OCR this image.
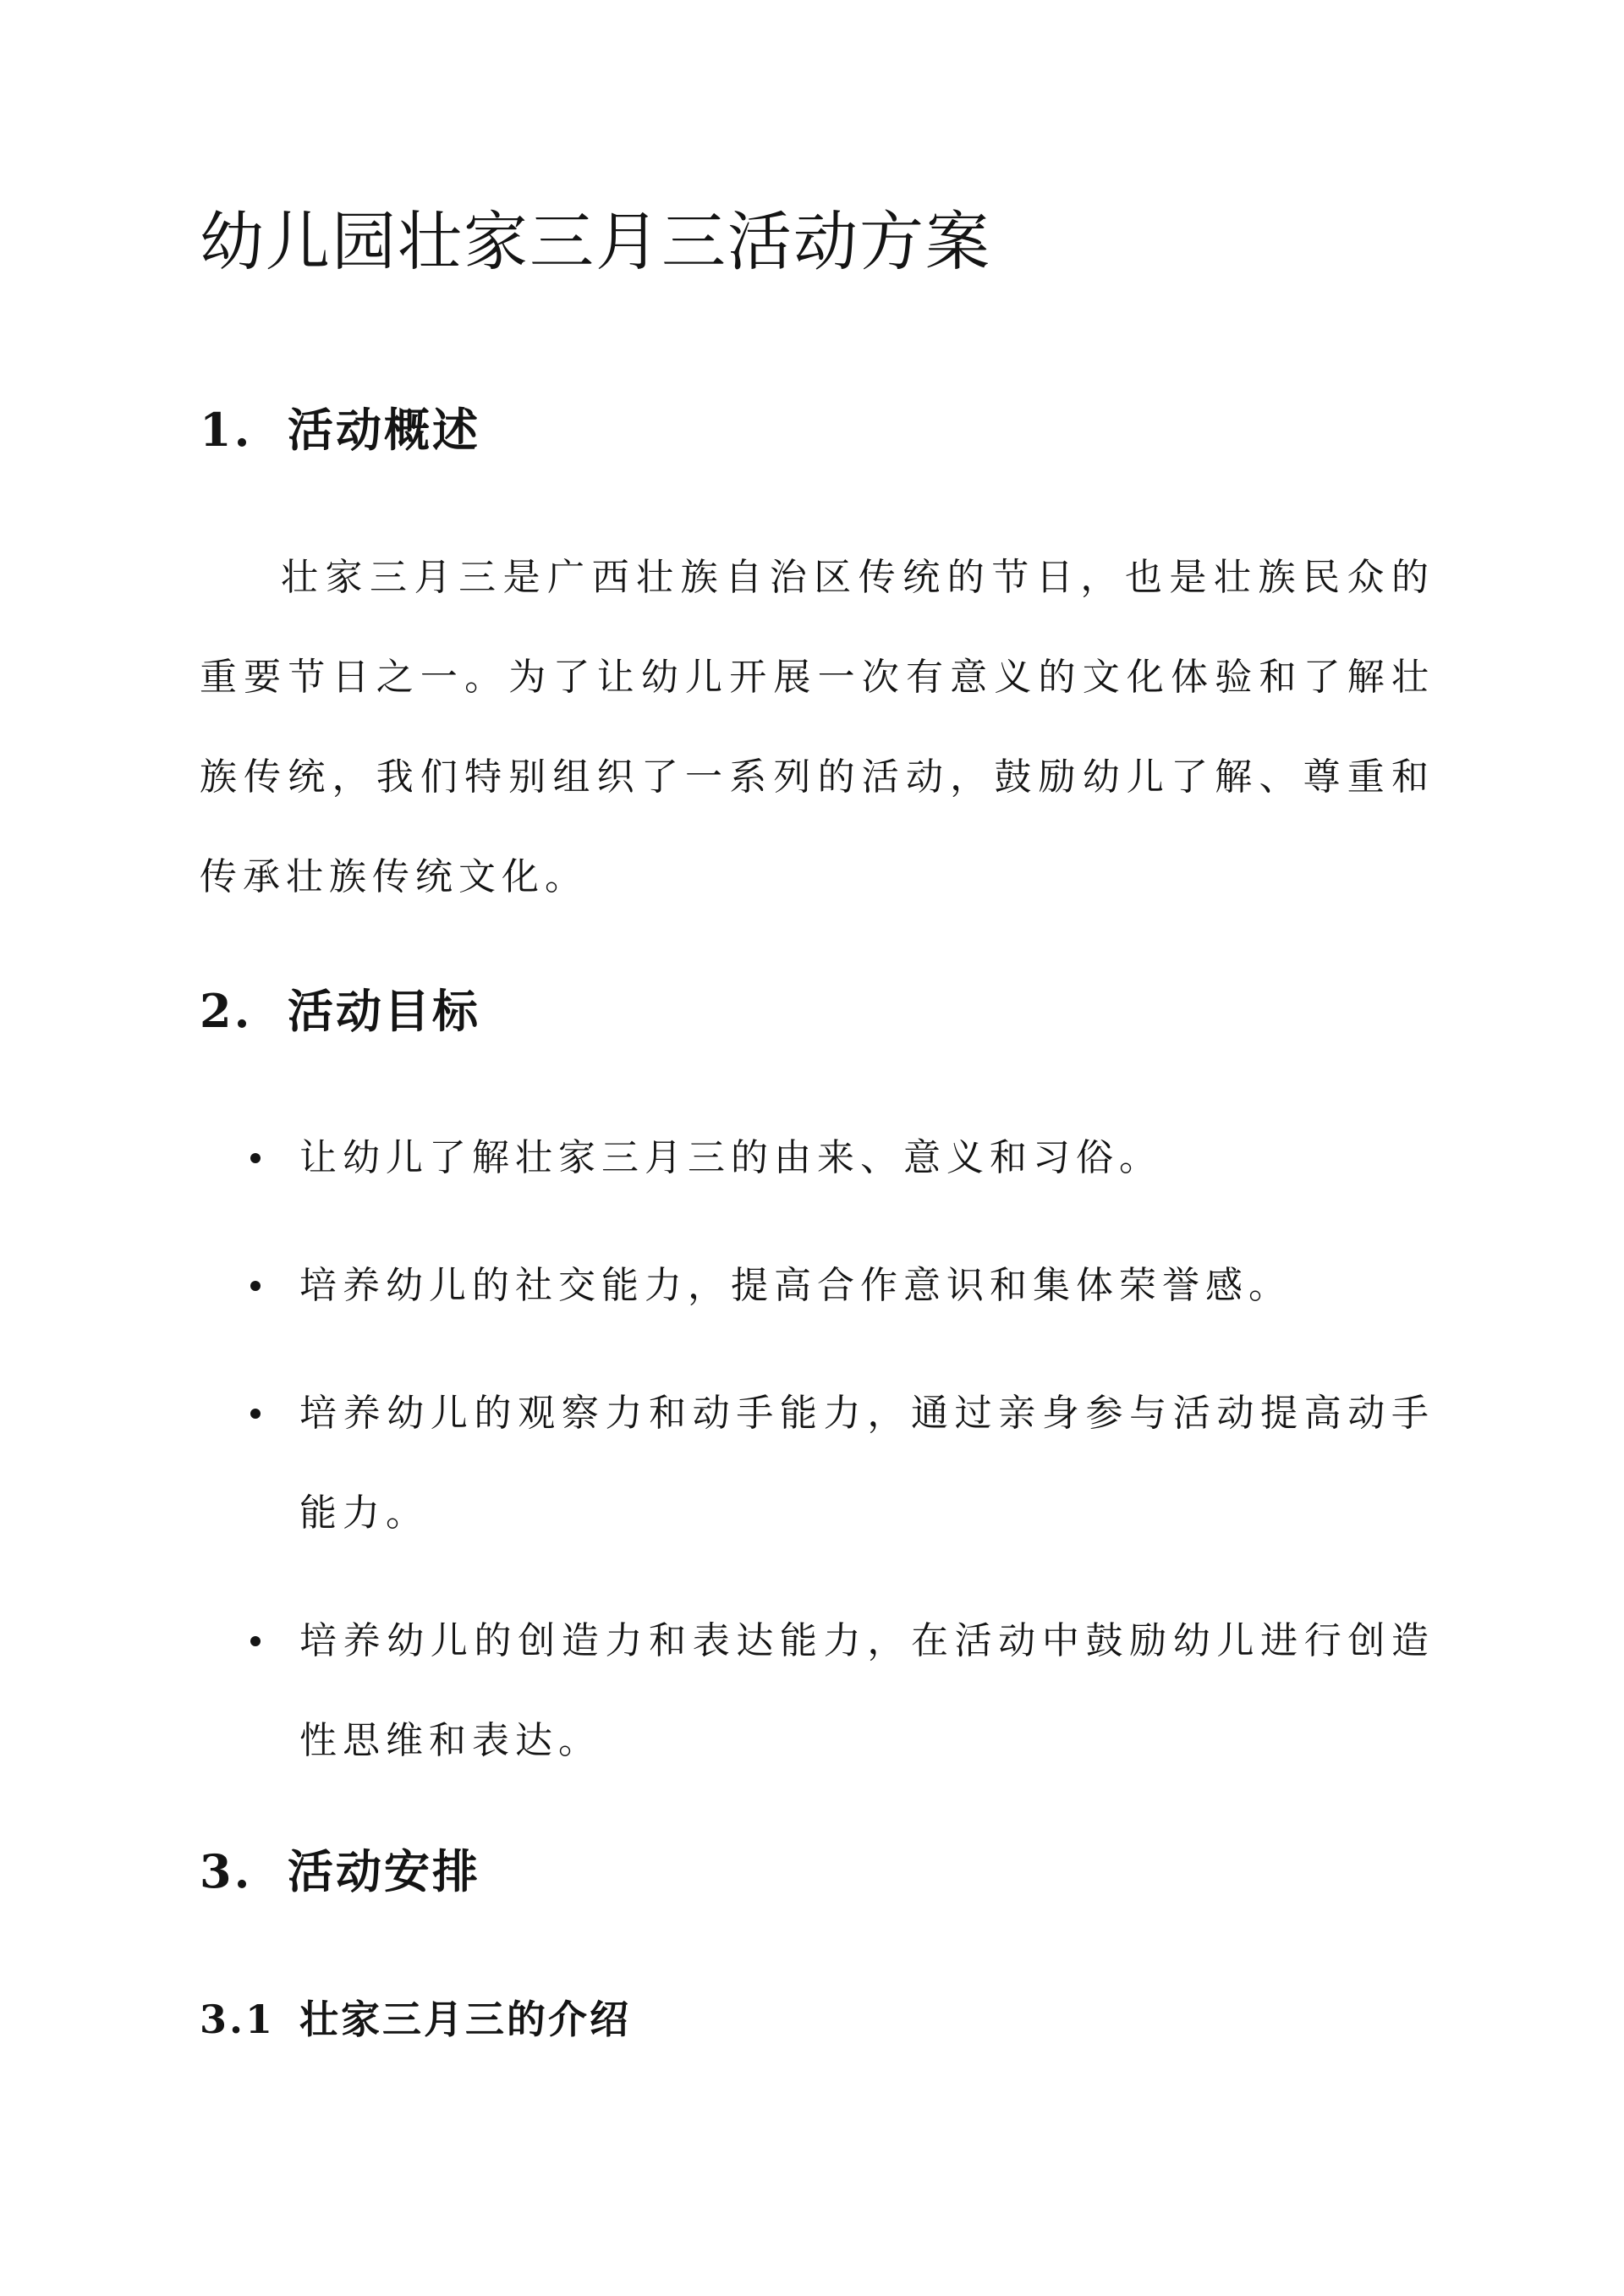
幼儿园壮家三月三活动方案
1. 活动概述

壮家三月三是广西壮族自治区传统的节日，也是壮族民众的重要节日之一。为了让幼儿开展一次有意义的文化体验和了解壮族传统，我们特别组织了一系列的活动，鼓励幼儿了解、尊重和传承壮族传统文化。

2. 活动目标
让幼儿了解壮家三月三的由来、意义和习俗。
培养幼儿的社交能力，提高合作意识和集体荣誉感。
培养幼儿的观察力和动手能力，通过亲身参与活动提高动手能力。
培养幼儿的创造力和表达能力，在活动中鼓励幼儿进行创造性思维和表达。
3. 活动安排
3.1 壮家三月三的介绍
